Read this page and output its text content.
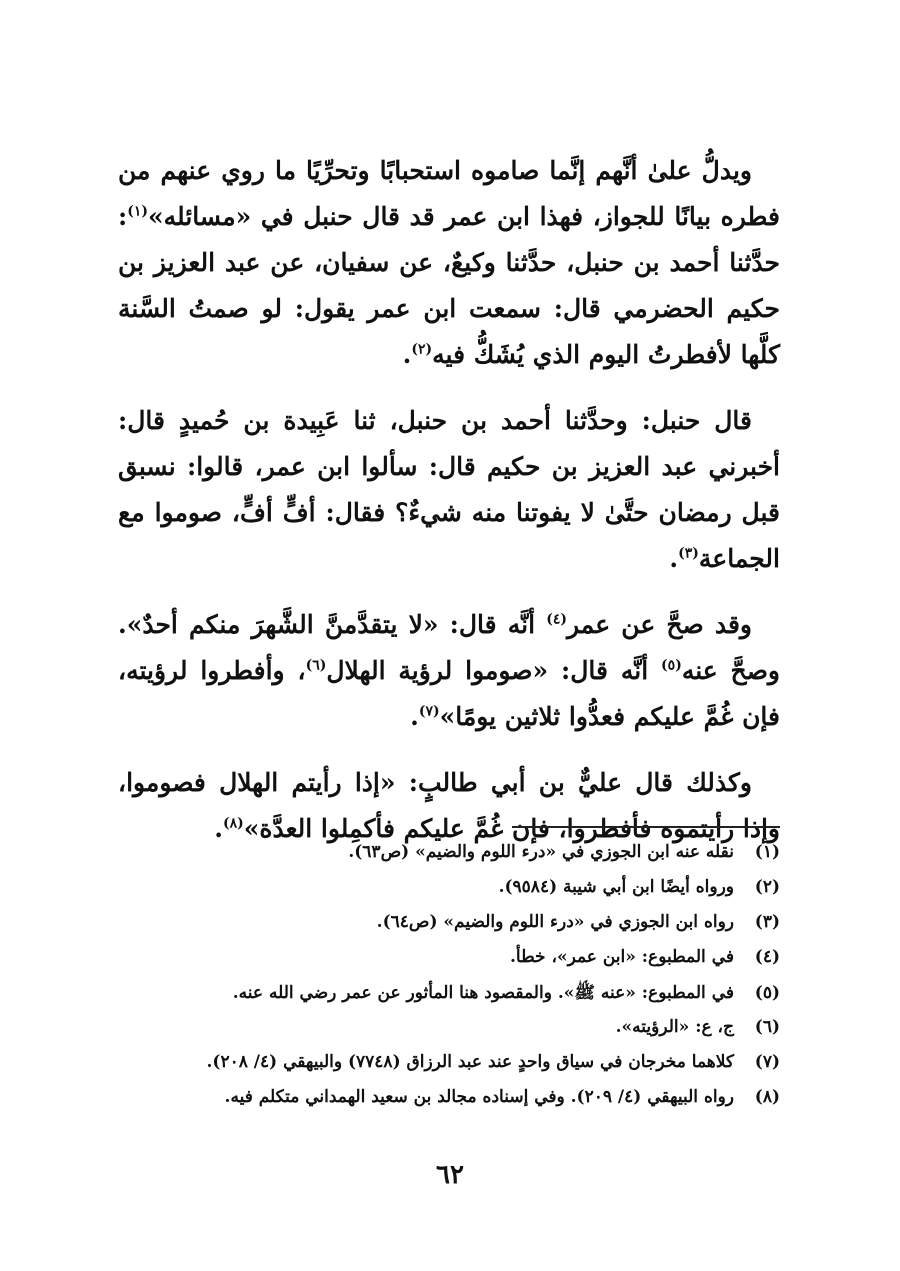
ويدلُّ علىٰ أنَّهم إنَّما صاموه استحبابًا وتحرِّيًا ما روي عنهم من فطره بيانًا للجواز، فهذا ابن عمر قد قال حنبل في «مسائله»$^{(١)}$: حدَّثنا أحمد بن حنبل، حدَّثنا وكيعٌ، عن سفيان، عن عبد العزيز بن حكيم الحضرمي قال: سمعت ابن عمر يقول: لو صمتُ السَّنة كلَّها لأفطرتُ اليوم الذي يُشَكُّ فيه$^{(٢)}$.

قال حنبل: وحدَّثنا أحمد بن حنبل، ثنا عَبِيدة بن حُميدٍ قال: أخبرني عبد العزيز بن حكيم قال: سألوا ابن عمر، قالوا: نسبق قبل رمضان حتَّىٰ لا يفوتنا منه شيءٌ؟ فقال: أفٍّ أفٍّ، صوموا مع الجماعة$^{(٣)}$.

وقد صحَّ عن عمر$^{(٤)}$ أنَّه قال: «لا يتقدَّمنَّ الشَّهرَ منكم أحدٌ». وصحَّ عنه$^{(٥)}$ أنَّه قال: «صوموا لرؤية الهلال$^{(٦)}$، وأفطروا لرؤيته، فإن غُمَّ عليكم فعدُّوا ثلاثين يومًا»$^{(٧)}$.

وكذلك قال عليٌّ بن أبي طالبٍ: «إذا رأيتم الهلال فصوموا، وإذا رأيتموه فأفطروا، فإن غُمَّ عليكم فأكمِلوا العدَّة»$^{(٨)}$.

(١)
نقله عنه ابن الجوزي في «درء اللوم والضيم» (ص٦٣).
(٢)
ورواه أيضًا ابن أبي شيبة (٩٥٨٤).
(٣)
رواه ابن الجوزي في «درء اللوم والضيم» (ص٦٤).
(٤)
في المطبوع: «ابن عمر»، خطأ.
(٥)
في المطبوع: «عنه ﷺ». والمقصود هنا المأثور عن عمر رضي الله عنه.
(٦)
ج، ع: «الرؤيته».
(٧)
كلاهما مخرجان في سياق واحدٍ عند عبد الرزاق (٧٧٤٨) والبيهقي (٤/ ٢٠٨).
(٨)
رواه البيهقي (٤/ ٢٠٩). وفي إسناده مجالد بن سعيد الهمداني متكلم فيه.
٦٢
